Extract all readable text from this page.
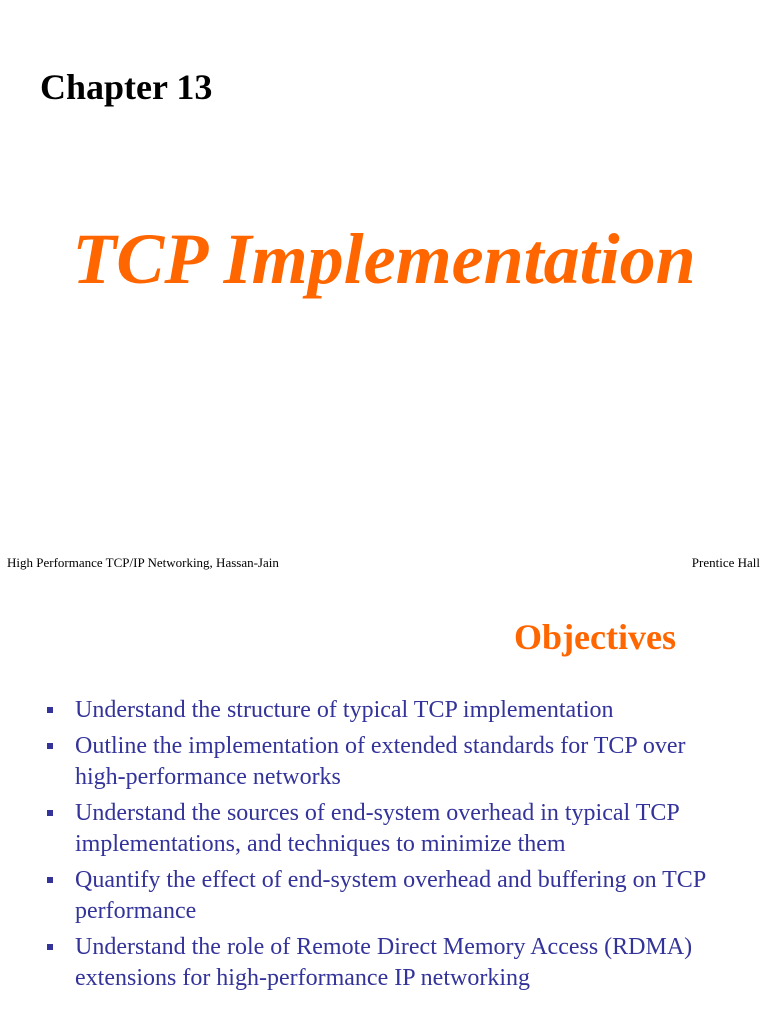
Chapter 13
TCP Implementation
High Performance TCP/IP Networking, Hassan-Jain	Prentice Hall
Objectives
Understand the structure of typical TCP implementation
Outline the implementation of extended standards for TCP over high-performance networks
Understand the sources of end-system overhead in typical TCP implementations, and techniques to minimize them
Quantify the effect of end-system overhead and buffering on TCP performance
Understand the role of Remote Direct Memory Access (RDMA) extensions for high-performance IP networking
